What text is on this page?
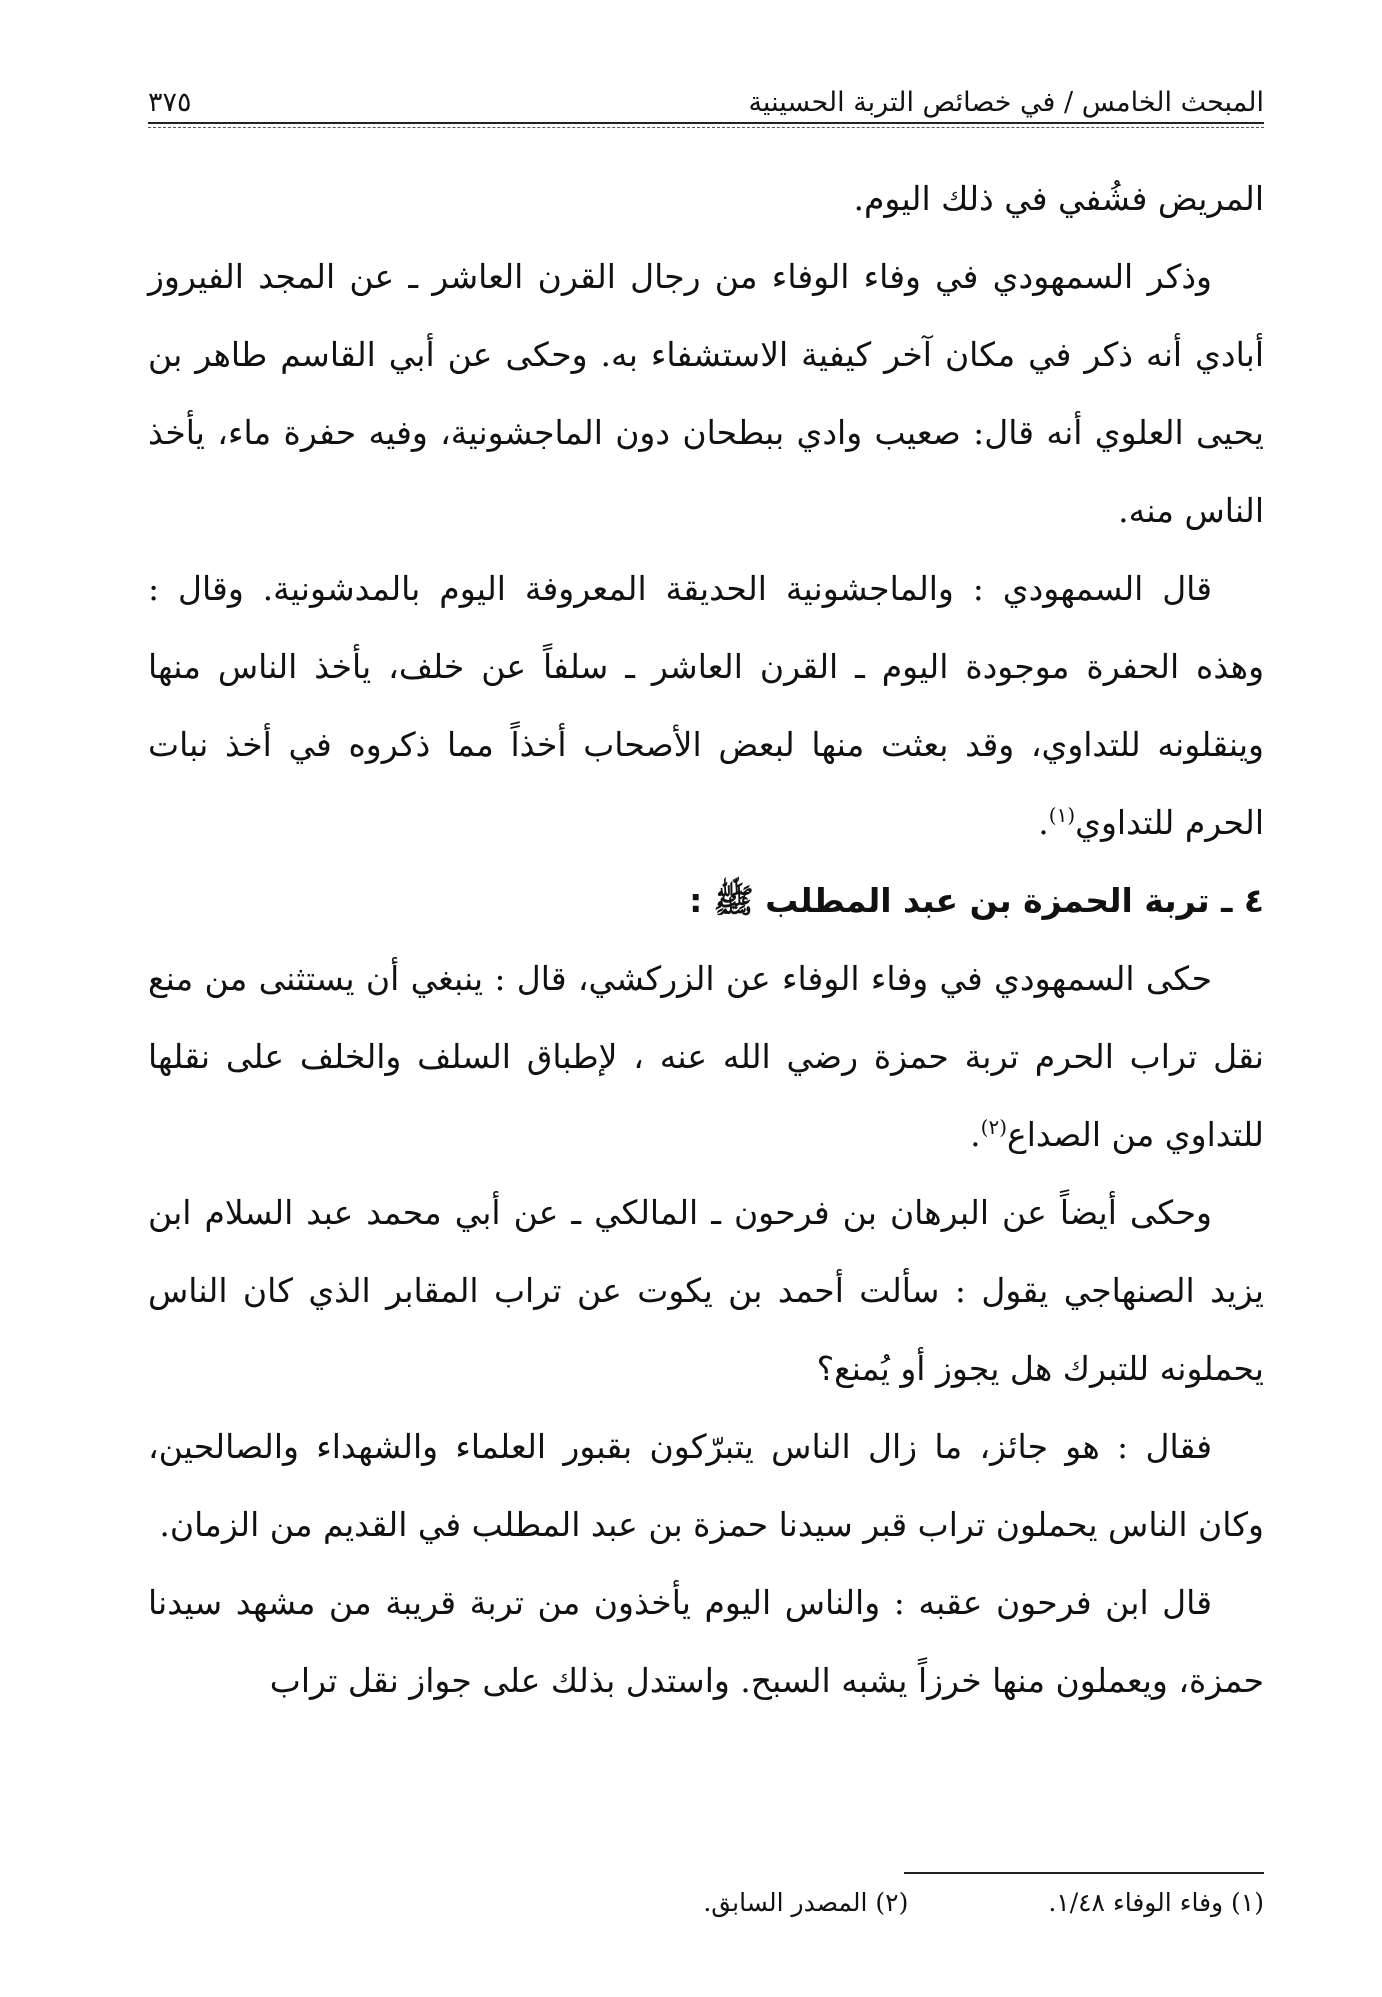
المبحث الخامس / في خصائص التربة الحسينية
٣٧٥

المريض فشُفي في ذلك اليوم.

وذكر السمهودي في وفاء الوفاء من رجال القرن العاشر ـ عن المجد الفيروز أبادي أنه ذكر في مكان آخر كيفية الاستشفاء به. وحكى عن أبي القاسم طاهر بن يحيى العلوي أنه قال: صعيب وادي ببطحان دون الماجشونية، وفيه حفرة ماء، يأخذ الناس منه.

قال السمهودي : والماجشونية الحديقة المعروفة اليوم بالمدشونية. وقال : وهذه الحفرة موجودة اليوم ـ القرن العاشر ـ سلفاً عن خلف، يأخذ الناس منها وينقلونه للتداوي، وقد بعثت منها لبعض الأصحاب أخذاً مما ذكروه في أخذ نبات الحرم للتداوي$^{(١)}$.

٤ ـ تربة الحمزة بن عبد المطلب ﷺ :

حكى السمهودي في وفاء الوفاء عن الزركشي، قال : ينبغي أن يستثنى من منع نقل تراب الحرم تربة حمزة رضي الله عنه ، لإطباق السلف والخلف على نقلها للتداوي من الصداع$^{(٢)}$.

وحكى أيضاً عن البرهان بن فرحون ـ المالكي ـ عن أبي محمد عبد السلام ابن يزيد الصنهاجي يقول : سألت أحمد بن يكوت عن تراب المقابر الذي كان الناس يحملونه للتبرك هل يجوز أو يُمنع؟

فقال : هو جائز، ما زال الناس يتبرّكون بقبور العلماء والشهداء والصالحين، وكان الناس يحملون تراب قبر سيدنا حمزة بن عبد المطلب في القديم من الزمان.

قال ابن فرحون عقبه : والناس اليوم يأخذون من تربة قريبة من مشهد سيدنا حمزة، ويعملون منها خرزاً يشبه السبح. واستدل بذلك على جواز نقل تراب

(١) وفاء الوفاء ١/٤٨.
(٢) المصدر السابق.
